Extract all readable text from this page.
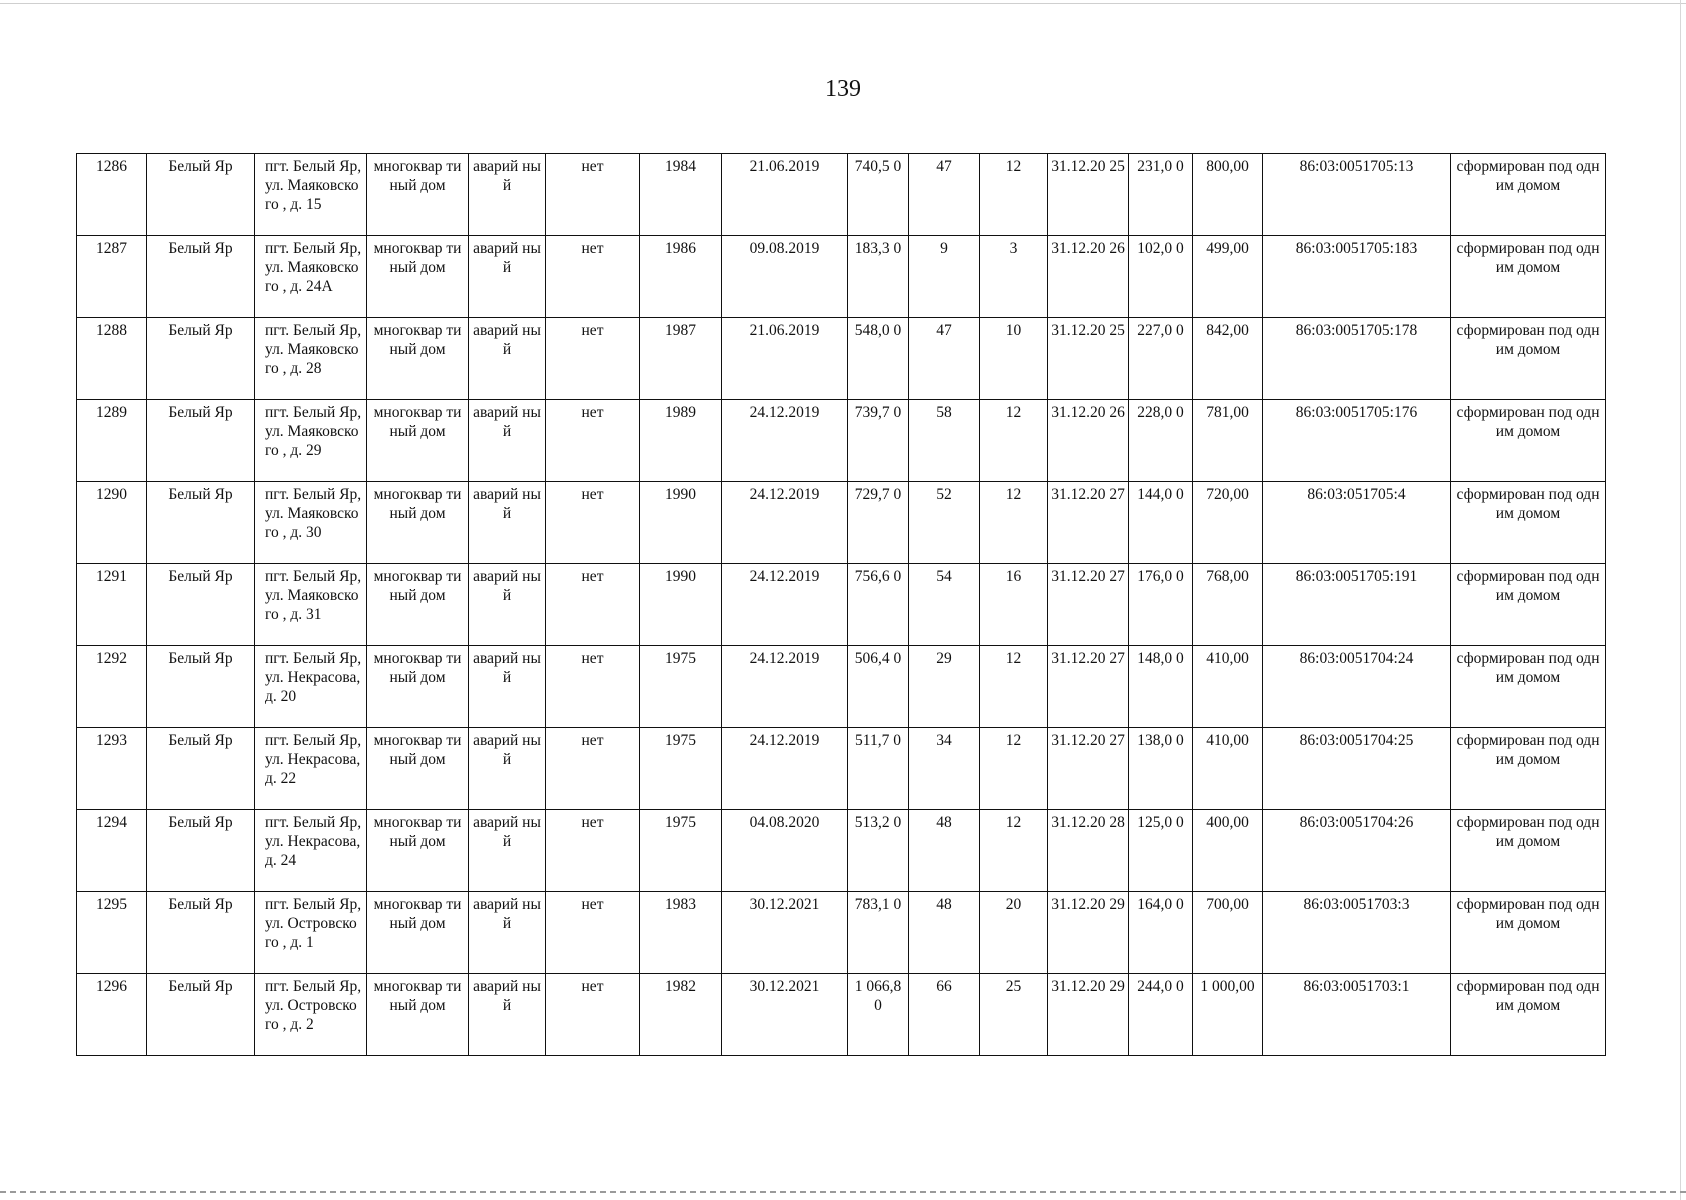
139
1286	Белый Яр	пгт. Белый Яр, ул. Маяковского , д. 15	многоквар тиный дом	аварий ный	нет	1984	21.06.2019	740,5 0	47	12	31.12.20 25	231,0 0	800,00	86:03:0051705:13	сформирован под одним домом
1287	Белый Яр	пгт. Белый Яр, ул. Маяковского , д. 24А	многоквар тиный дом	аварий ный	нет	1986	09.08.2019	183,3 0	9	3	31.12.20 26	102,0 0	499,00	86:03:0051705:183	сформирован под одним домом
1288	Белый Яр	пгт. Белый Яр, ул. Маяковского , д. 28	многоквар тиный дом	аварий ный	нет	1987	21.06.2019	548,0 0	47	10	31.12.20 25	227,0 0	842,00	86:03:0051705:178	сформирован под одним домом
1289	Белый Яр	пгт. Белый Яр, ул. Маяковского , д. 29	многоквар тиный дом	аварий ный	нет	1989	24.12.2019	739,7 0	58	12	31.12.20 26	228,0 0	781,00	86:03:0051705:176	сформирован под одним домом
1290	Белый Яр	пгт. Белый Яр, ул. Маяковского , д. 30	многоквар тиный дом	аварий ный	нет	1990	24.12.2019	729,7 0	52	12	31.12.20 27	144,0 0	720,00	86:03:051705:4	сформирован под одним домом
1291	Белый Яр	пгт. Белый Яр, ул. Маяковского , д. 31	многоквар тиный дом	аварий ный	нет	1990	24.12.2019	756,6 0	54	16	31.12.20 27	176,0 0	768,00	86:03:0051705:191	сформирован под одним домом
1292	Белый Яр	пгт. Белый Яр, ул. Некрасова, д. 20	многоквар тиный дом	аварий ный	нет	1975	24.12.2019	506,4 0	29	12	31.12.20 27	148,0 0	410,00	86:03:0051704:24	сформирован под одним домом
1293	Белый Яр	пгт. Белый Яр, ул. Некрасова, д. 22	многоквар тиный дом	аварий ный	нет	1975	24.12.2019	511,7 0	34	12	31.12.20 27	138,0 0	410,00	86:03:0051704:25	сформирован под одним домом
1294	Белый Яр	пгт. Белый Яр, ул. Некрасова, д. 24	многоквар тиный дом	аварий ный	нет	1975	04.08.2020	513,2 0	48	12	31.12.20 28	125,0 0	400,00	86:03:0051704:26	сформирован под одним домом
1295	Белый Яр	пгт. Белый Яр, ул. Островского , д. 1	многоквар тиный дом	аварий ный	нет	1983	30.12.2021	783,1 0	48	20	31.12.20 29	164,0 0	700,00	86:03:0051703:3	сформирован под одним домом
1296	Белый Яр	пгт. Белый Яр, ул. Островского , д. 2	многоквар тиный дом	аварий ный	нет	1982	30.12.2021	1 066,8 0	66	25	31.12.20 29	244,0 0	1 000,00	86:03:0051703:1	сформирован под одним домом
